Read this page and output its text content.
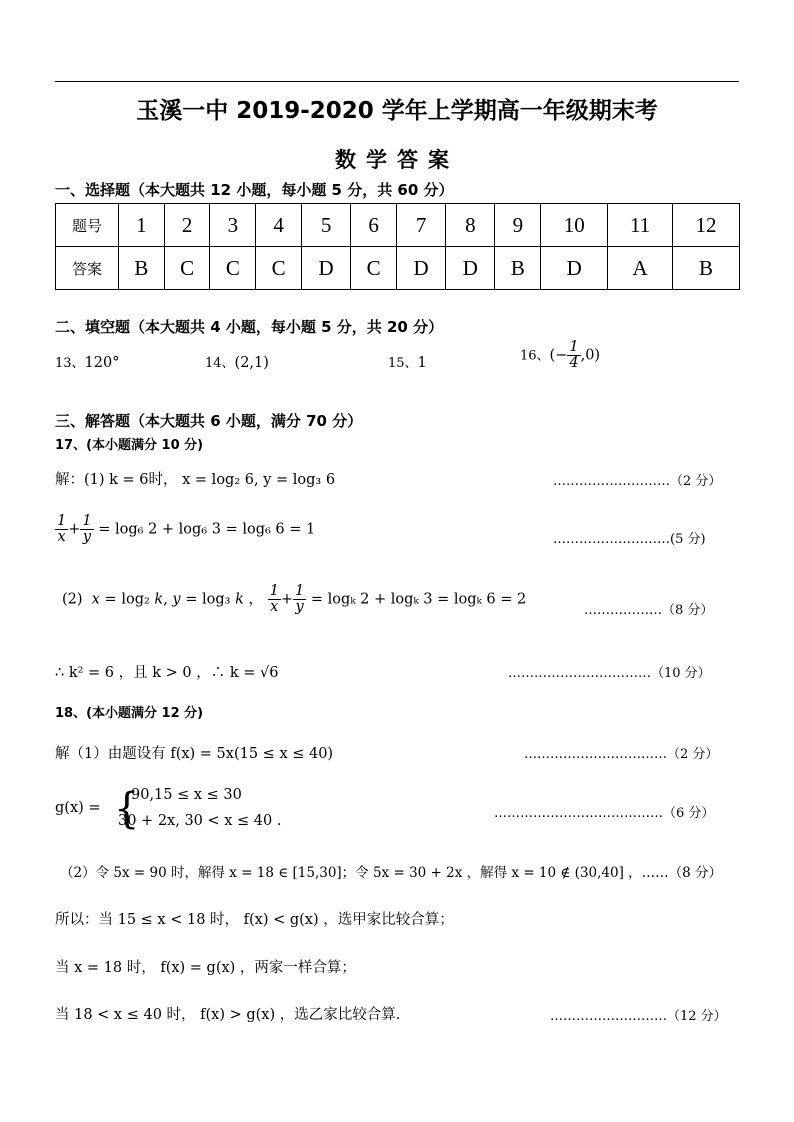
玉溪一中 2019-2020 学年上学期高一年级期末考
数学答案
一、选择题（本大题共 12 小题，每小题 5 分，共 60 分）
题号	1	2	3	4	5	6	7	8	9	10	11	12
答案	B	C	C	C	D	C	D	D	B	D	A	B
二、填空题（本大题共 4 小题，每小题 5 分，共 20 分）
13、120°	14、(2,1)	15、1	16、(− $\frac{1}{4} ,0$)
三、解答题（本大题共 6 小题，满分 70 分）
17、(本小题满分 10 分)
解：(1) k = 6时， x = log₂ 6, y = log₃ 6	………………………（2 分）
$\frac{1}{x} + \frac{1}{y} = \log_6$ 2 + log₆ 3 = log₆ 6 = 1
………………………(5 分)
(2)  x = log₂ k, y = log₃ k ， $\frac{1}{x} + \frac{1}{y} = \log_k$ 2 + logₖ 3 = logₖ 6 = 2
………………（8 分）
∴ k² = 6 ，且 k > 0 ，∴ k = √6	……………………………（10 分）
18、(本小题满分 12 分)
解（1）由题设有 f(x) = 5x(15 ≤ x ≤ 40)	……………………………（2 分）
g(x) = {
90,15 ≤ x ≤ 30
30 + 2x, 30 < x ≤ 40 .	…………………………………（6 分）
（2）令 5x = 90 时，解得 x = 18 ∈ [15,30]；令 5x = 30 + 2x ，解得 x = 10 ∉ (30,40] ，……（8 分）
所以：当 15 ≤ x < 18 时， f(x) < g(x) ，选甲家比较合算；
当 x = 18 时， f(x) = g(x) ，两家一样合算；
当 18 < x ≤ 40 时， f(x) > g(x) ，选乙家比较合算.	………………………（12 分）
